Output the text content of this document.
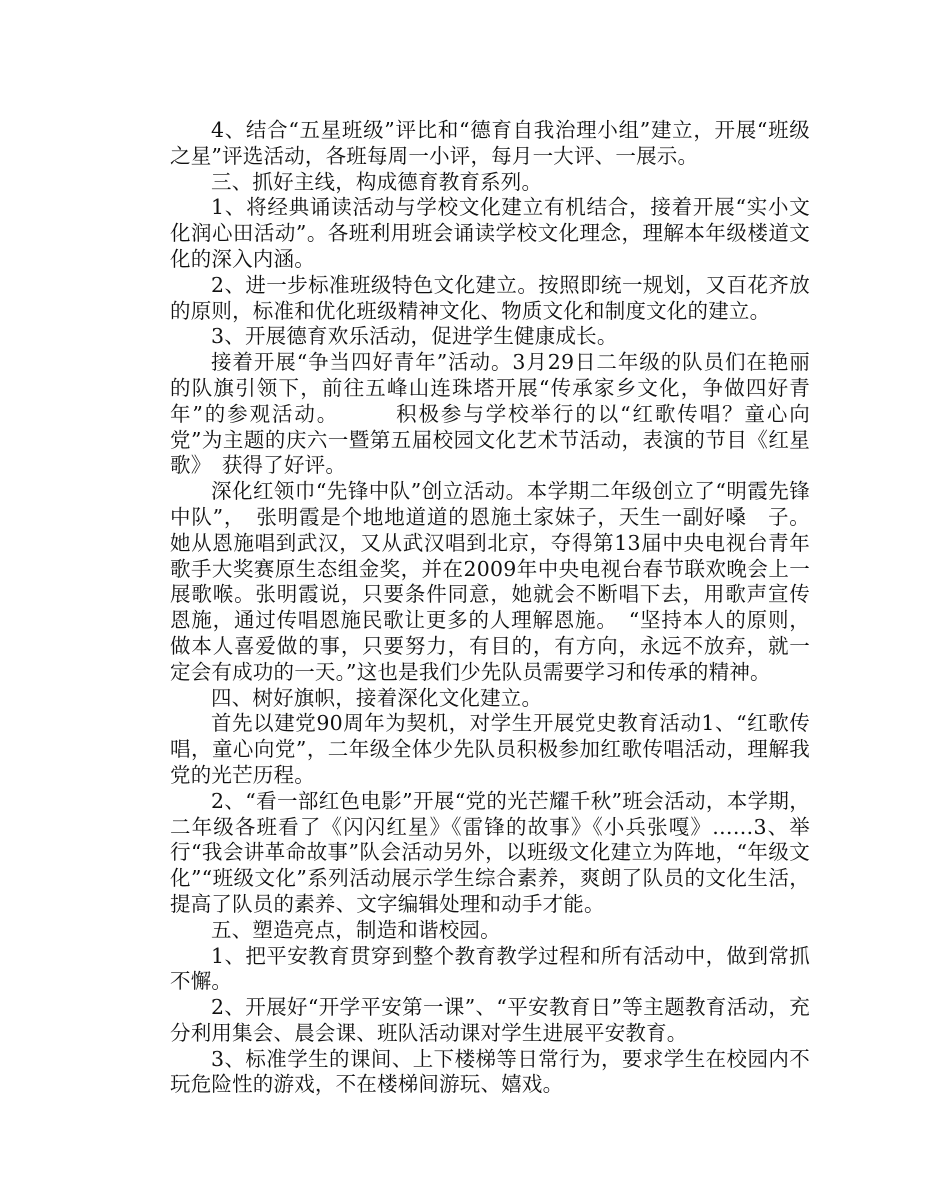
4、结合“五星班级”评比和“德育自我治理小组”建立，开展“班级之星”评选活动，各班每周一小评，每月一大评、一展示。

三、抓好主线，构成德育教育系列。

1、将经典诵读活动与学校文化建立有机结合，接着开展“实小文化润心田活动”。各班利用班会诵读学校文化理念，理解本年级楼道文化的深入内涵。

2、进一步标准班级特色文化建立。按照即统一规划，又百花齐放的原则，标准和优化班级精神文化、物质文化和制度文化的建立。

3、开展德育欢乐活动，促进学生健康成长。

接着开展“争当四好青年”活动。3月29日二年级的队员们在艳丽的队旗引领下，前往五峰山连珠塔开展“传承家乡文化，争做四好青年”的参观活动。　　　积极参与学校举行的以“红歌传唱？童心向党”为主题的庆六一暨第五届校园文化艺术节活动，表演的节目《红星歌》　获得了好评。

深化红领巾“先锋中队”创立活动。本学期二年级创立了“明霞先锋中队”，　张明霞是个地地道道的恩施土家妹子，天生一副好嗓　子。她从恩施唱到武汉，又从武汉唱到北京，夺得第13届中央电视台青年歌手大奖赛原生态组金奖，并在2009年中央电视台春节联欢晚会上一展歌喉。张明霞说，只要条件同意，她就会不断唱下去，用歌声宣传恩施，通过传唱恩施民歌让更多的人理解恩施。　“坚持本人的原则，做本人喜爱做的事，只要努力，有目的，有方向，永远不放弃，就一定会有成功的一天。”这也是我们少先队员需要学习和传承的精神。

四、树好旗帜，接着深化文化建立。

首先以建党90周年为契机，对学生开展党史教育活动1、“红歌传唱，童心向党”，二年级全体少先队员积极参加红歌传唱活动，理解我党的光芒历程。

2、“看一部红色电影”开展“党的光芒耀千秋”班会活动，本学期，二年级各班看了《闪闪红星》《雷锋的故事》《小兵张嘎》……3、举行“我会讲革命故事”队会活动另外，以班级文化建立为阵地，“年级文化”“班级文化”系列活动展示学生综合素养，爽朗了队员的文化生活，提高了队员的素养、文字编辑处理和动手才能。

五、塑造亮点，制造和谐校园。

1、把平安教育贯穿到整个教育教学过程和所有活动中，做到常抓不懈。

2、开展好“开学平安第一课”、“平安教育日”等主题教育活动，充分利用集会、晨会课、班队活动课对学生进展平安教育。

3、标准学生的课间、上下楼梯等日常行为，要求学生在校园内不玩危险性的游戏，不在楼梯间游玩、嬉戏。
